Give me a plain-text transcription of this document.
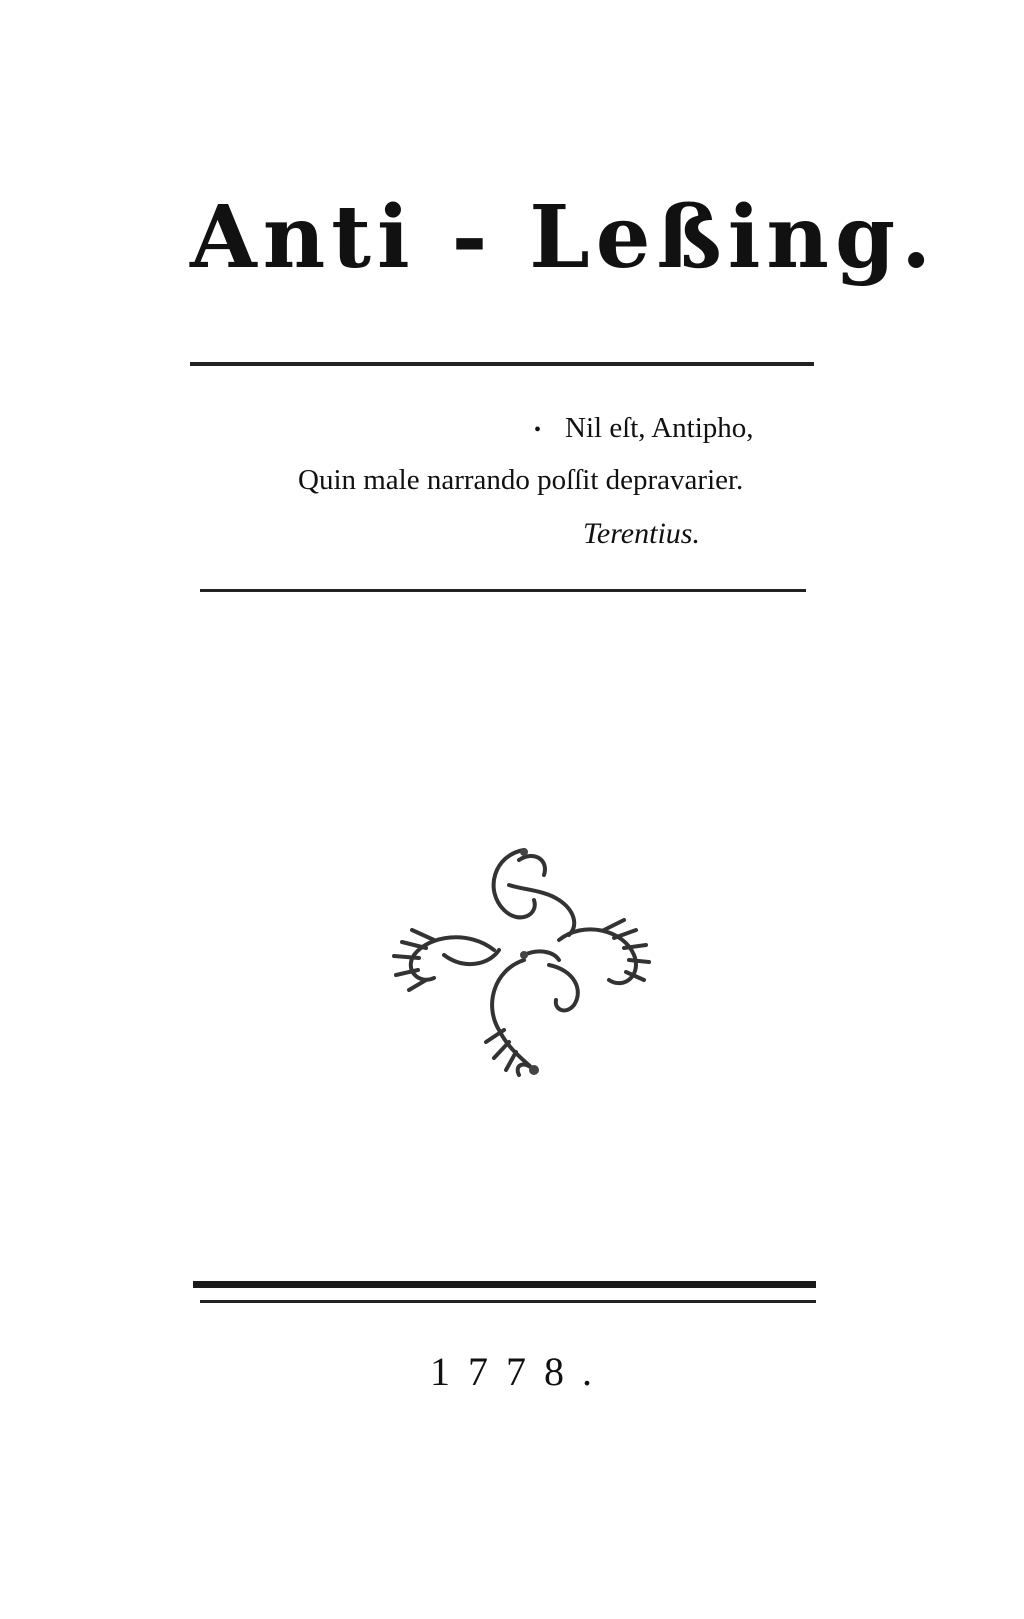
Anti - Leßing.
• Nil eſt, Antipho,
Quin male narrando poſſit depravarier.
Terentius.
1778.
